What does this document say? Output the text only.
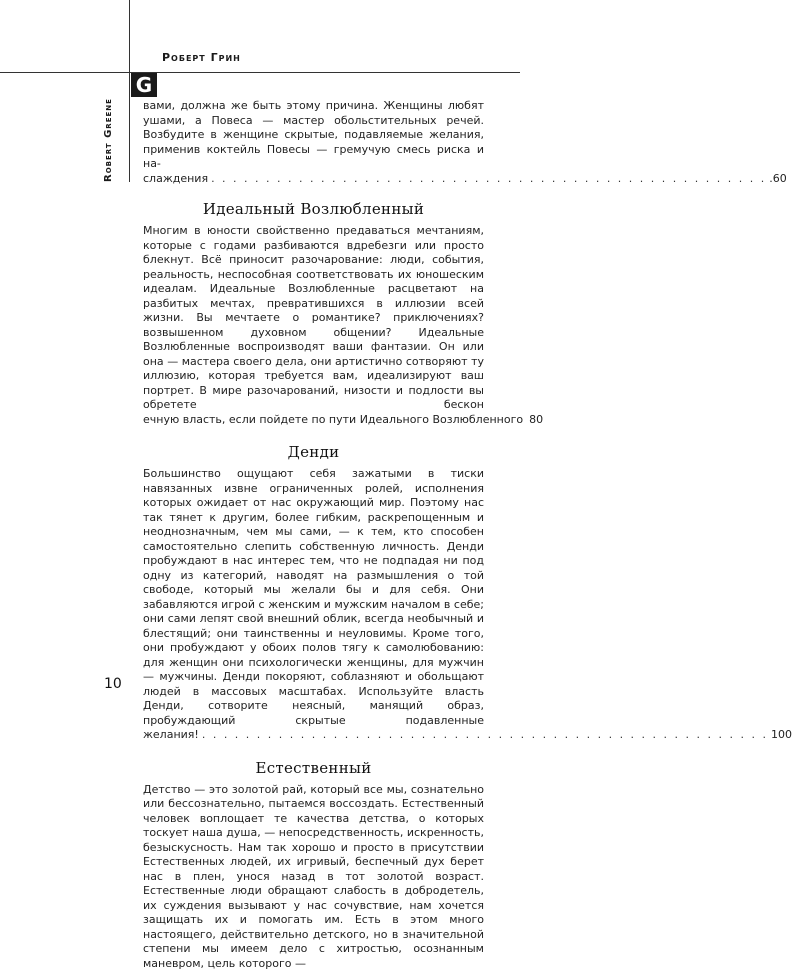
G
Роберт Грин
Robert Greene	вами, должна же быть этому причина. Женщины любят ушами, а Повеса — мастер обольстительных речей. Возбудите в женщине скрытые, подавляемые желания, применив коктейль Повесы — гремучую смесь риска и на-

слаждения . . . . . . . . . . . . . . . . . . . . . . . . . . . . . . . . . . . . . . . . . . . . . . . . . . . .60
Идеальный Возлюбленный

Многим в юности свойственно предаваться мечтаниям, которые с годами разбиваются вдребезги или просто блекнут. Всё приносит разочарование: люди, события, реальность, неспособная соответствовать их юношеским идеалам. Идеальные Возлюбленные расцветают на разбитых мечтах, превратившихся в иллюзии всей жизни. Вы мечтаете о романтике? приключениях? возвышенном духовном общении? Идеальные Возлюбленные воспроизводят ваши фантазии. Он или она — мастера своего дела, они артистично сотворяют ту иллюзию, которая требуется вам, идеализируют ваш портрет. В мире разочарований, низости и подлости вы обретете бескон

ечную власть, если пойдете по пути Идеального Возлюбленного 80
Денди

Большинство ощущают себя зажатыми в тиски навязанных извне ограниченных ролей, исполнения которых ожидает от нас окружающий мир. Поэтому нас так тянет к другим, более гибким, раскрепощенным и неоднозначным, чем мы сами, — к тем, кто способен самостоятельно слепить собственную личность. Денди пробуждают в нас интерес тем, что не подпадая ни под одну из категорий, наводят на размышления о той свободе, который мы желали бы и для себя. Они забавляются игрой с женским и мужским началом в себе; они сами лепят свой внешний облик, всегда необычный и блестящий; они таинственны и неуловимы. Кроме того, они пробуждают у обоих полов тягу к самолюбованию: для женщин они психологически женщины, для мужчин — мужчины. Денди покоряют, соблазняют и обольщают людей в массовых масштабах. Используйте власть Денди, сотворите неясный, манящий образ, пробуждающий скрытые подавленные

желания! . . . . . . . . . . . . . . . . . . . . . . . . . . . . . . . . . . . . . . . . . . . . . . . . . . . . 100
Естественный

Детство — это золотой рай, который все мы, сознательно или бессознательно, пытаемся воссоздать. Естественный человек воплощает те качества детства, о которых тоскует наша душа, — непосредственность, искренность, безыскусность. Нам так хорошо и просто в присутствии Естественных людей, их игривый, беспечный дух берет нас в плен, унося назад в тот золотой возраст. Естественные люди обращают слабость в добродетель, их суждения вызывают у нас сочувствие, нам хочется защищать их и помогать им. Есть в этом много настоящего, действительно детского, но в значительной степени мы имеем дело с хитростью, осознанным маневром, цель которого —

10
